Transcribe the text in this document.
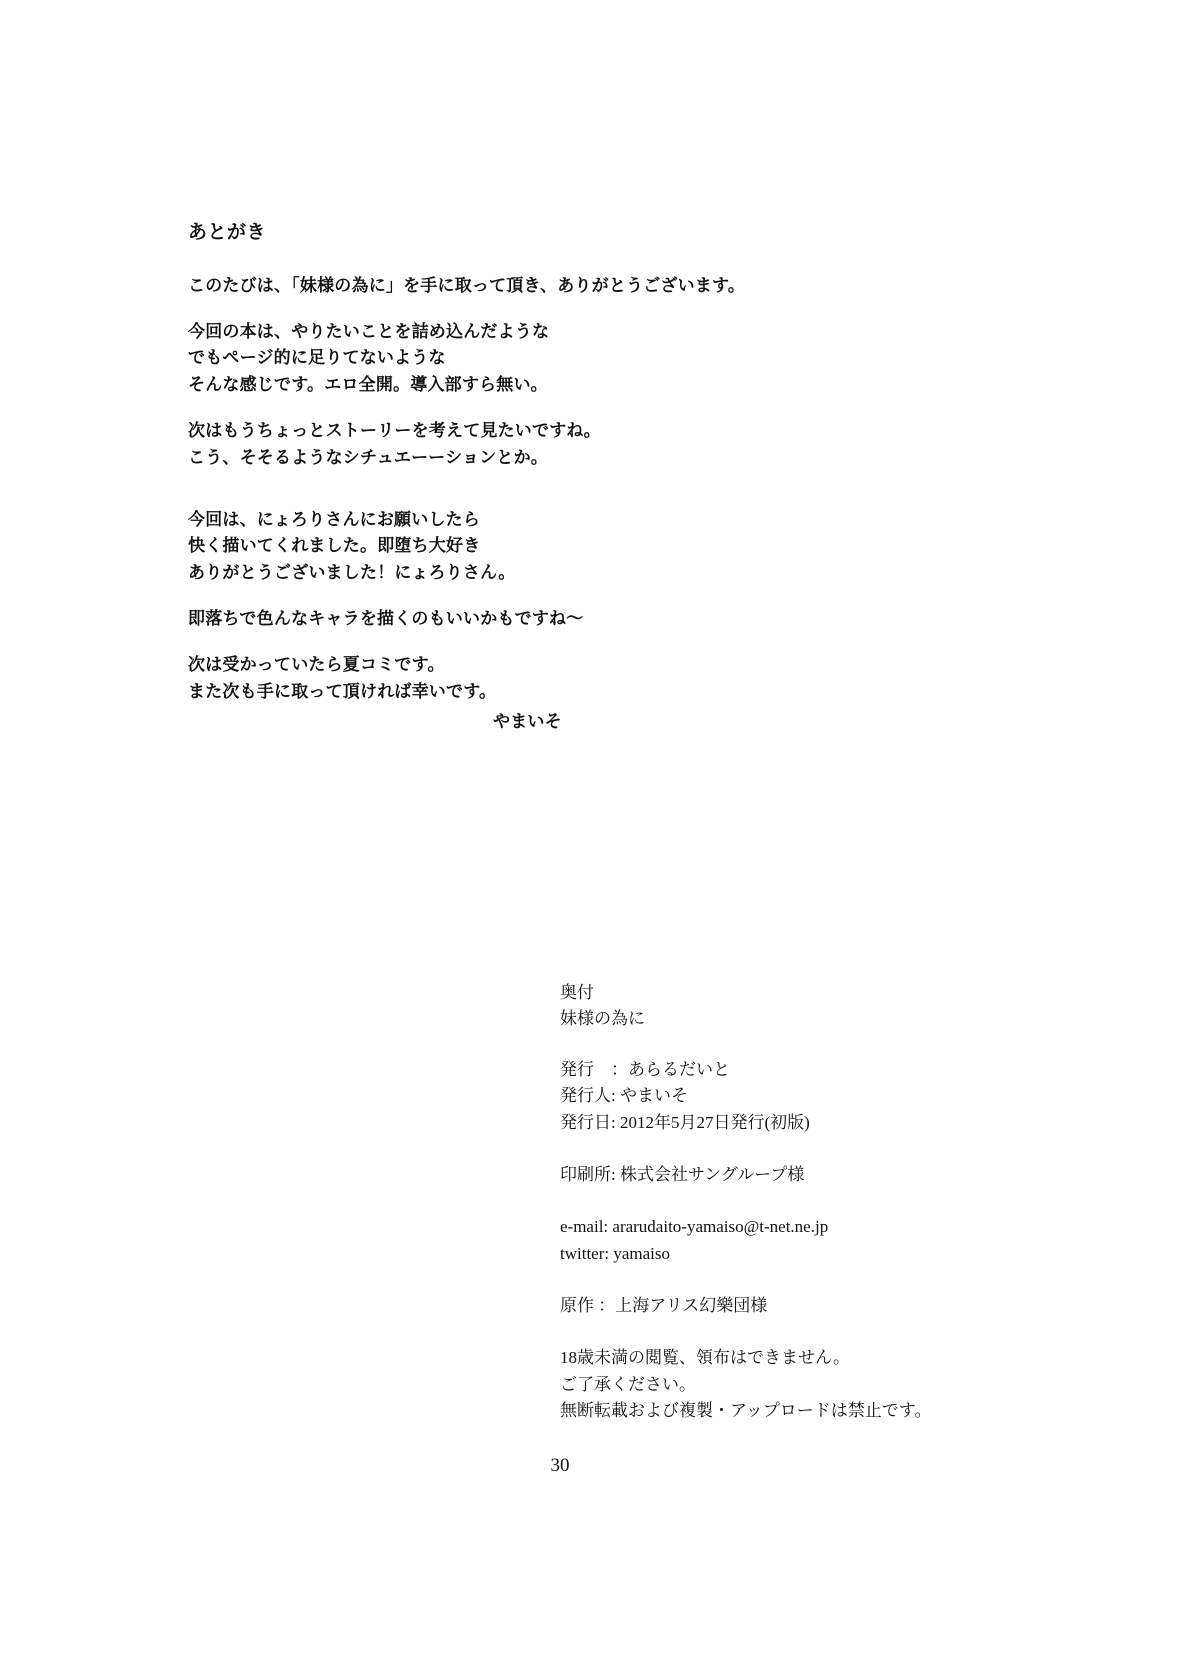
あとがき
このたびは、「妹様の為に」を手に取って頂き、ありがとうございます。
今回の本は、やりたいことを詰め込んだような
でもページ的に足りてないような
そんな感じです。エロ全開。導入部すら無い。
次はもうちょっとストーリーを考えて見たいですね。
こう、そそるようなシチュエーーションとか。
今回は、にょろりさんにお願いしたら
快く描いてくれました。即堕ち大好き
ありがとうございました！にょろりさん。
即落ちで色んなキャラを描くのもいいかもですね〜
次は受かっていたら夏コミです。
また次も手に取って頂ければ幸いです。
やまいそ
奥付
妹様の為に
発行　：あらるだいと
発行人: やまいそ
発行日: 2012年5月27日発行(初版)
印刷所: 株式会社サングループ様
e-mail: ararudaito-yamaiso@t-net.ne.jp
twitter: yamaiso
原作 ：上海アリス幻樂団様
18歳未満の閲覧、領布はできません。
ご了承ください。
無断転載および複製・アップロードは禁止です。
30
